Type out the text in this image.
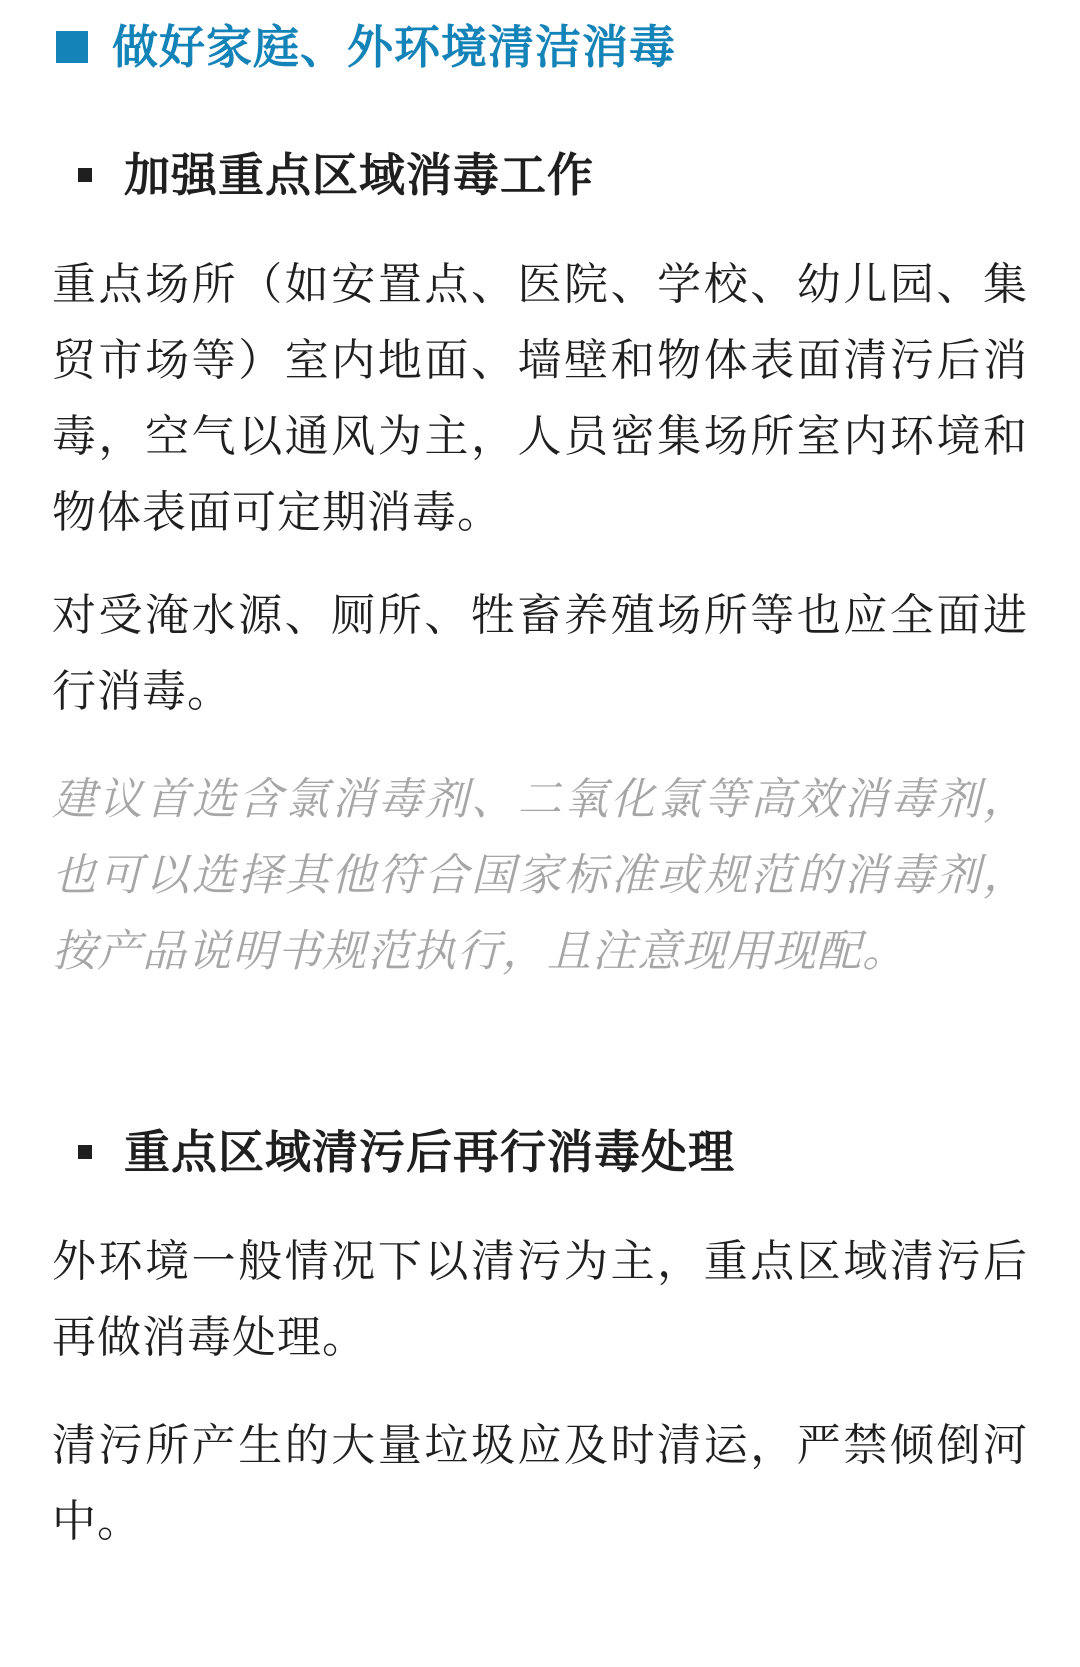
做好家庭、外环境清洁消毒
加强重点区域消毒工作

重点场所（如安置点、医院、学校、幼儿园、集贸市场等）室内地面、墙壁和物体表面清污后消毒，空气以通风为主，人员密集场所室内环境和物体表面可定期消毒。

对受淹水源、厕所、牲畜养殖场所等也应全面进行消毒。

建议首选含氯消毒剂、二氧化氯等高效消毒剂，也可以选择其他符合国家标准或规范的消毒剂，按产品说明书规范执行，且注意现用现配。

重点区域清污后再行消毒处理

外环境一般情况下以清污为主，重点区域清污后再做消毒处理。

清污所产生的大量垃圾应及时清运，严禁倾倒河中。
